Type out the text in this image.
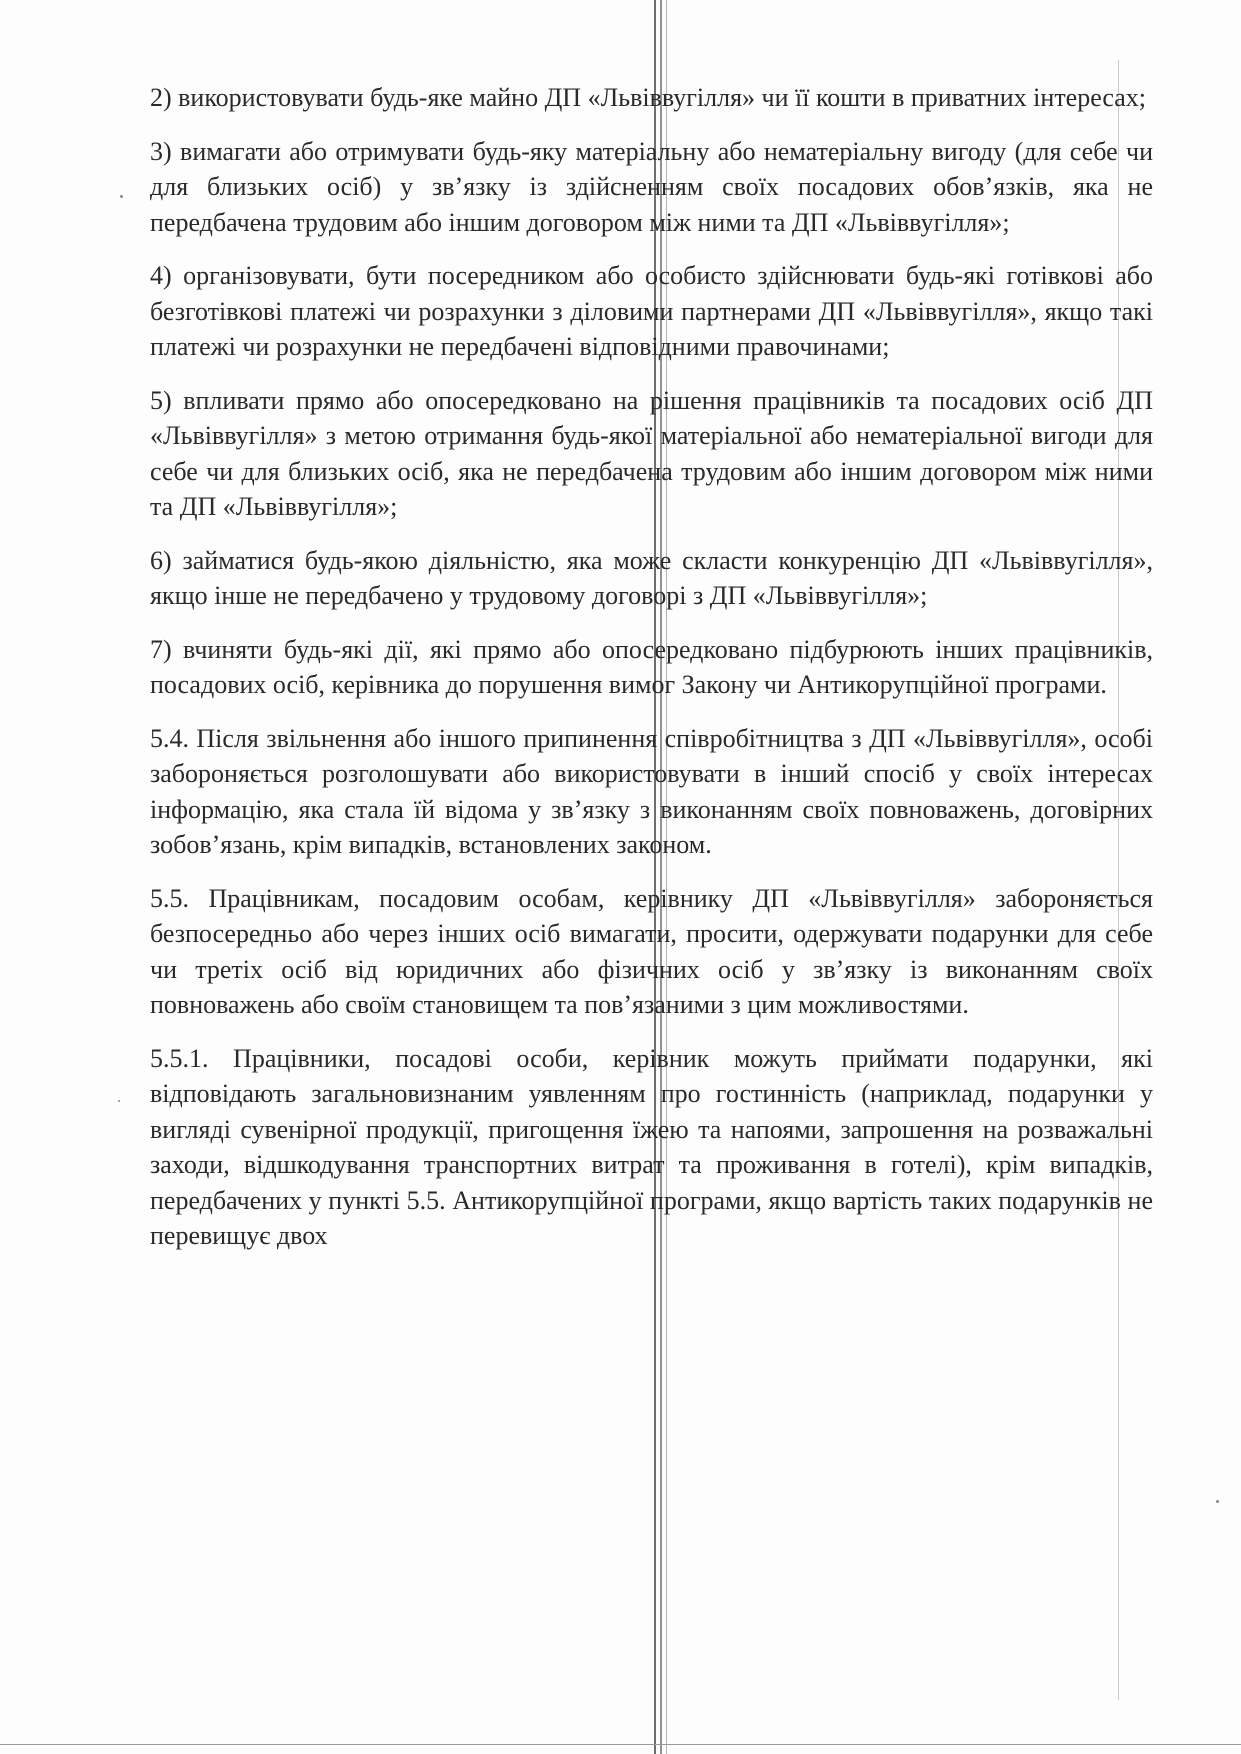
2) використовувати будь-яке майно ДП «Львіввугілля» чи її кошти в приватних інтересах;

3) вимагати або отримувати будь-яку матеріальну або нематеріальну вигоду (для себе чи для близьких осіб) у зв’язку із здійсненням своїх посадових обов’язків, яка не передбачена трудовим або іншим договором між ними та ДП «Львіввугілля»;

4) організовувати, бути посередником або особисто здійснювати будь-які готівкові або безготівкові платежі чи розрахунки з діловими партнерами ДП «Львіввугілля», якщо такі платежі чи розрахунки не передбачені відповідними правочинами;

5) впливати прямо або опосередковано на рішення працівників та посадових осіб ДП «Львіввугілля» з метою отримання будь-якої матеріальної або нематеріальної вигоди для себе чи для близьких осіб, яка не передбачена трудовим або іншим договором між ними та ДП «Львіввугілля»;

6) займатися будь-якою діяльністю, яка може скласти конкуренцію ДП «Львіввугілля», якщо інше не передбачено у трудовому договорі з ДП «Львіввугілля»;

7) вчиняти будь-які дії, які прямо або опосередковано підбурюють інших працівників, посадових осіб, керівника до порушення вимог Закону чи Антикорупційної програми.

5.4. Після звільнення або іншого припинення співробітництва з ДП «Львіввугілля», особі забороняється розголошувати або використовувати в інший спосіб у своїх інтересах інформацію, яка стала їй відома у зв’язку з виконанням своїх повноважень, договірних зобов’язань, крім випадків, встановлених законом.

5.5. Працівникам, посадовим особам, керівнику ДП «Львіввугілля» забороняється безпосередньо або через інших осіб вимагати, просити, одержувати подарунки для себе чи третіх осіб від юридичних або фізичних осіб у зв’язку із виконанням своїх повноважень або своїм становищем та пов’язаними з цим можливостями.

5.5.1. Працівники, посадові особи, керівник можуть приймати подарунки, які відповідають загальновизнаним уявленням про гостинність (наприклад, подарунки у вигляді сувенірної продукції, пригощення їжею та напоями, запрошення на розважальні заходи, відшкодування транспортних витрат та проживання в готелі), крім випадків, передбачених у пункті 5.5. Антикорупційної програми, якщо вартість таких подарунків не перевищує двох
